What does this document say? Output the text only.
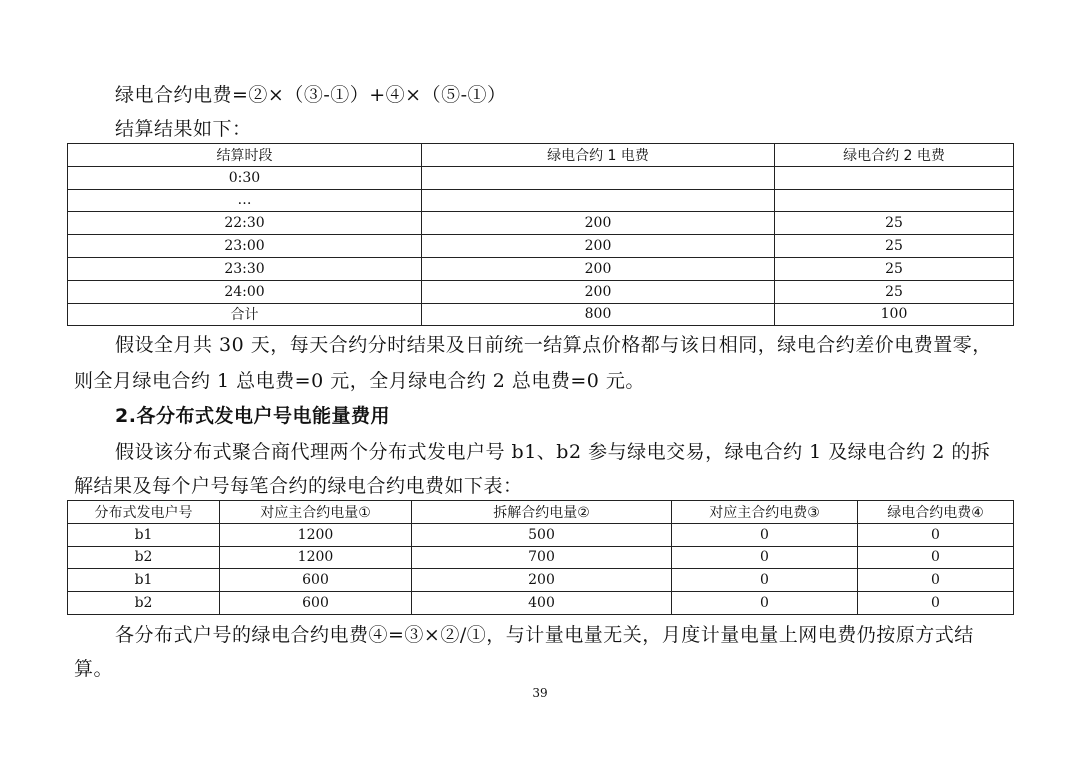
绿电合约电费=②×（③-①）+④×（⑤-①）
结算结果如下：
结算时段	绿电合约 1 电费	绿电合约 2 电费
0:30		
…		
22:30	200	25
23:00	200	25
23:30	200	25
24:00	200	25
合计	800	100
假设全月共 30 天，每天合约分时结果及日前统一结算点价格都与该日相同，绿电合约差价电费置零，
则全月绿电合约 1 总电费=0 元，全月绿电合约 2 总电费=0 元。
2.各分布式发电户号电能量费用
假设该分布式聚合商代理两个分布式发电户号 b1、b2 参与绿电交易，绿电合约 1 及绿电合约 2 的拆
解结果及每个户号每笔合约的绿电合约电费如下表：
分布式发电户号	对应主合约电量①	拆解合约电量②	对应主合约电费③	绿电合约电费④
b1	1200	500	0	0
b2	1200	700	0	0
b1	600	200	0	0
b2	600	400	0	0
各分布式户号的绿电合约电费④=③×②/①，与计量电量无关，月度计量电量上网电费仍按原方式结
算。
39
